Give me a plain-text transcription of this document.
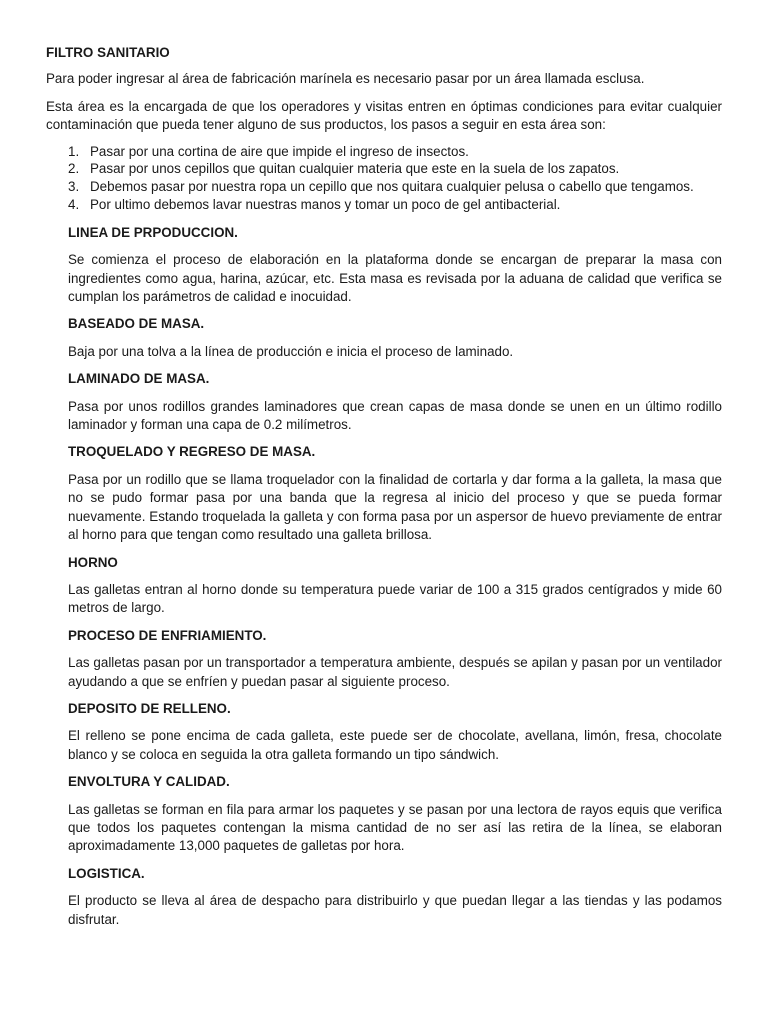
FILTRO SANITARIO

Para poder ingresar al área de fabricación marínela es necesario pasar por un área llamada esclusa.

Esta área es la encargada de que los operadores y visitas entren en óptimas condiciones para evitar cualquier contaminación que pueda tener alguno de sus productos, los pasos a seguir en esta área son:

Pasar por una cortina de aire que impide el ingreso de insectos.
Pasar por unos cepillos que quitan cualquier materia que este en la suela de los zapatos.
Debemos pasar por nuestra ropa un cepillo que nos quitara cualquier pelusa o cabello que tengamos.
Por ultimo debemos lavar nuestras manos y tomar un poco de gel antibacterial.

LINEA DE PRPODUCCION.

Se comienza el proceso de elaboración en la plataforma donde se encargan de preparar la masa con ingredientes como agua, harina, azúcar, etc. Esta masa es revisada por la aduana de calidad que verifica se cumplan los parámetros de calidad e inocuidad.

BASEADO DE MASA.

Baja por una tolva a la línea de producción e inicia el proceso de laminado.

LAMINADO DE MASA.

Pasa por unos rodillos grandes laminadores que crean capas de masa donde se unen en un último rodillo laminador y forman una capa de 0.2 milímetros.

TROQUELADO Y REGRESO DE MASA.

Pasa por un rodillo que se llama troquelador con la finalidad de cortarla y dar forma a la galleta, la masa que no se pudo formar pasa por una banda que la regresa al inicio del proceso y que se pueda formar nuevamente. Estando troquelada la galleta y con forma pasa por un aspersor de huevo previamente de entrar al horno para que tengan como resultado una galleta brillosa.

HORNO

Las galletas entran al horno donde su temperatura puede variar de 100 a 315 grados centígrados y mide 60 metros de largo.

PROCESO DE ENFRIAMIENTO.

Las galletas pasan por un transportador a temperatura ambiente, después se apilan y pasan por un ventilador ayudando a que se enfríen y puedan pasar al siguiente proceso.

DEPOSITO DE RELLENO.

El relleno se pone encima de cada galleta, este puede ser de chocolate, avellana, limón, fresa, chocolate blanco y se coloca en seguida la otra galleta formando un tipo sándwich.

ENVOLTURA Y CALIDAD.

Las galletas se forman en fila para armar los paquetes y se pasan por una lectora de rayos equis que verifica que todos los paquetes contengan la misma cantidad de no ser así las retira de la línea, se elaboran aproximadamente 13,000 paquetes de galletas por hora.

LOGISTICA.

El producto se lleva al área de despacho para distribuirlo y que puedan llegar a las tiendas y las podamos disfrutar.
